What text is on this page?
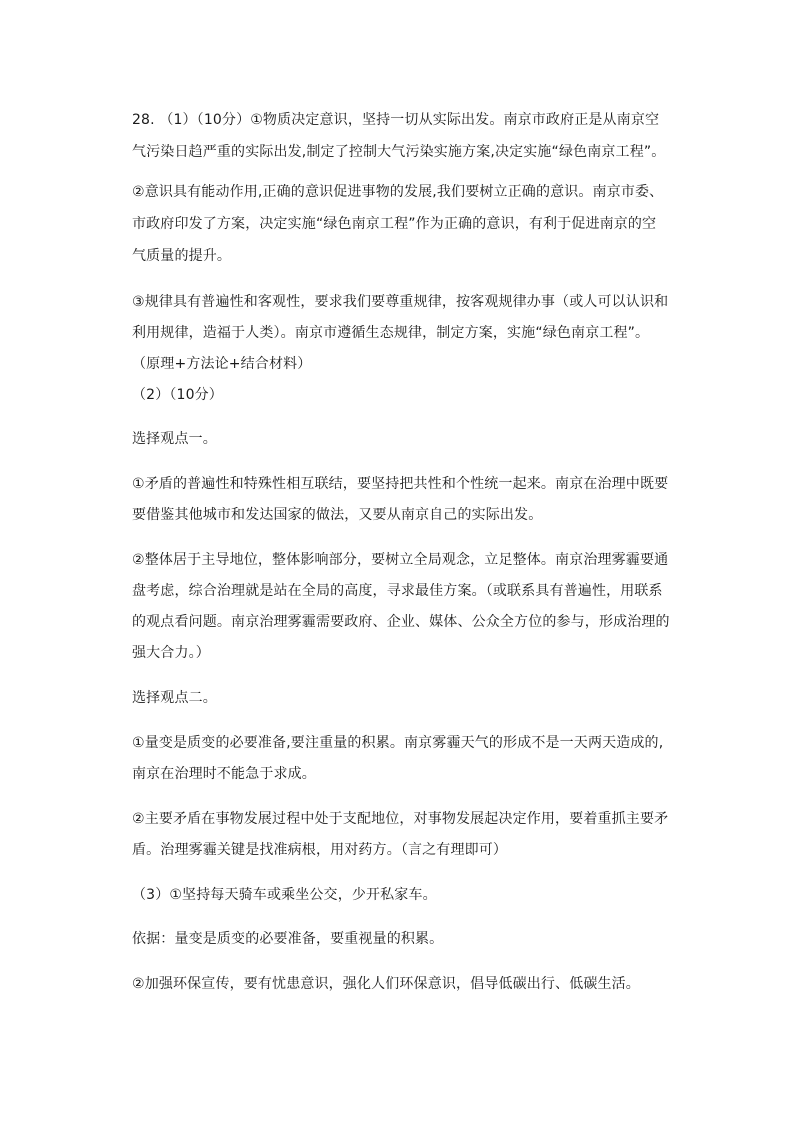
28. （1）（10分）①物质决定意识，坚持一切从实际出发。南京市政府正是从南京空
气污染日趋严重的实际出发,制定了控制大气污染实施方案,决定实施“绿色南京工程”。
②意识具有能动作用,正确的意识促进事物的发展,我们要树立正确的意识。南京市委、
市政府印发了方案，决定实施“绿色南京工程”作为正确的意识，有利于促进南京的空
气质量的提升。
③规律具有普遍性和客观性，要求我们要尊重规律，按客观规律办事（或人可以认识和
利用规律，造福于人类）。南京市遵循生态规律，制定方案，实施“绿色南京工程”。
（原理+方法论+结合材料）
（2）（10分）
选择观点一。
①矛盾的普遍性和特殊性相互联结，要坚持把共性和个性统一起来。南京在治理中既要
要借鉴其他城市和发达国家的做法，又要从南京自己的实际出发。
②整体居于主导地位，整体影响部分，要树立全局观念，立足整体。南京治理雾霾要通
盘考虑，综合治理就是站在全局的高度，寻求最佳方案。（或联系具有普遍性，用联系
的观点看问题。南京治理雾霾需要政府、企业、媒体、公众全方位的参与，形成治理的
强大合力。）
选择观点二。
①量变是质变的必要准备,要注重量的积累。南京雾霾天气的形成不是一天两天造成的,
南京在治理时不能急于求成。
②主要矛盾在事物发展过程中处于支配地位，对事物发展起决定作用，要着重抓主要矛
盾。治理雾霾关键是找准病根，用对药方。（言之有理即可）
（3）①坚持每天骑车或乘坐公交，少开私家车。
依据：量变是质变的必要准备，要重视量的积累。
②加强环保宣传，要有忧患意识，强化人们环保意识，倡导低碳出行、低碳生活。
